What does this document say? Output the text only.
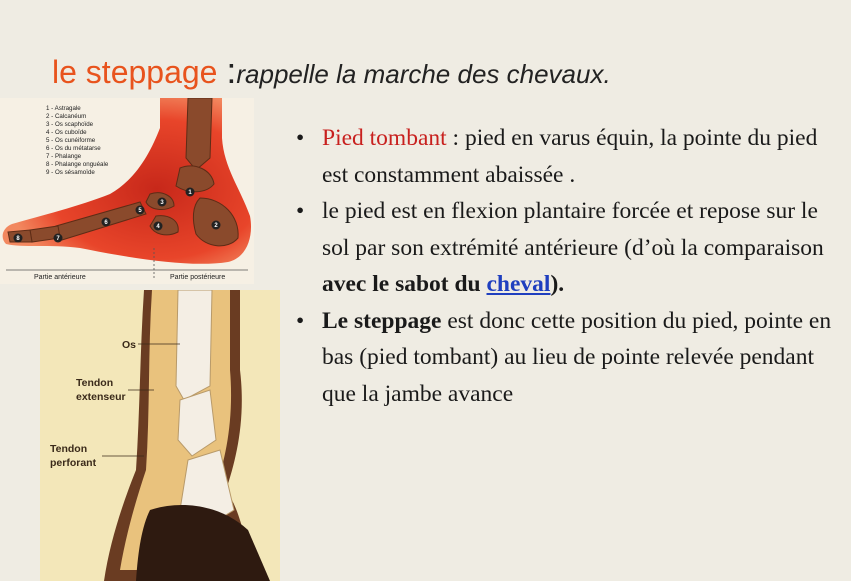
le steppage :rappelle la marche des chevaux.
1 - Astragale
2 - Calcanéum
3 - Os scaphoïde
4 - Os cuboïde
5 - Os cunéiforme
6 - Os du métatarse
7 - Phalange
8 - Phalange onguéale
9 - Os sésamoïde
1
2
3
4
5
6
7
8
Partie antérieure	Partie postérieure
Os
Tendon
extenseur
Tendon
perforant
• Pied tombant : pied en varus équin, la pointe du pied est constamment abaissée .
• le pied est en flexion plantaire forcée et repose sur le sol par son extrémité antérieure (d’où la comparaison avec le sabot du cheval).
• Le steppage est donc cette position du pied, pointe en bas (pied tombant) au lieu de pointe relevée pendant que la jambe avance
